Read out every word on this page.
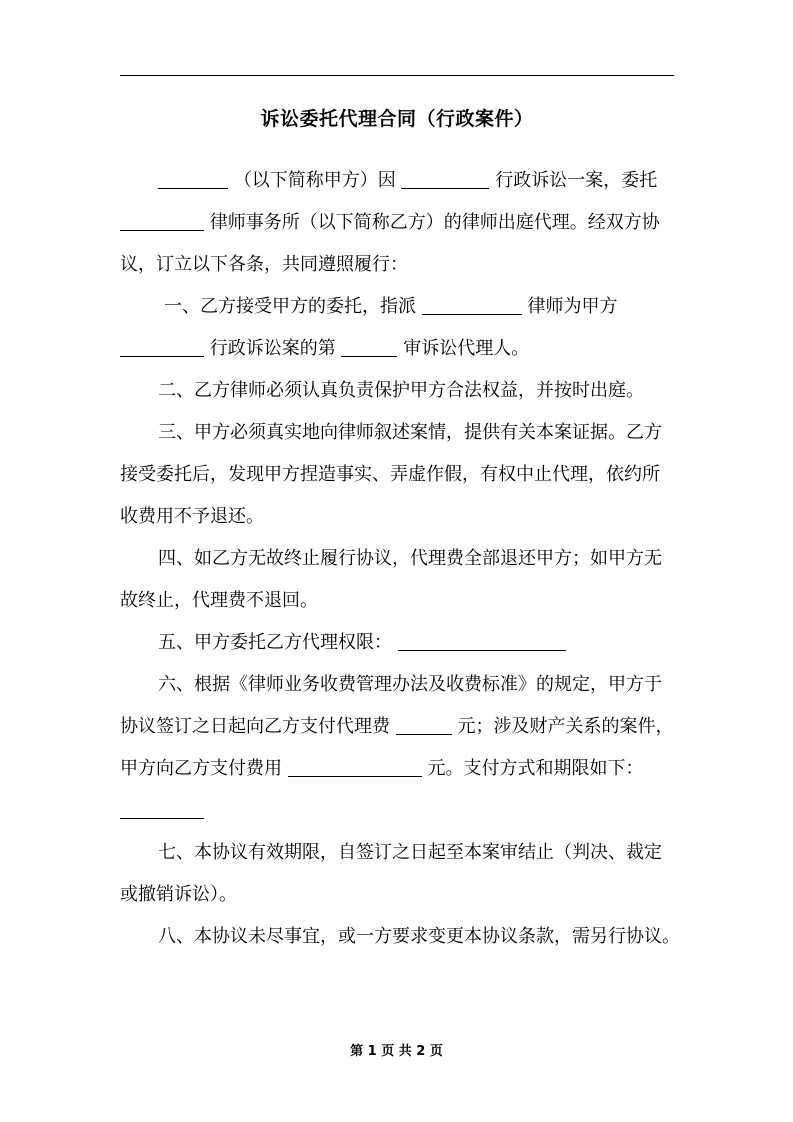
诉讼委托代理合同（行政案件）
（以下简称甲方）因	行政诉讼一案，委托
律师事务所（以下简称乙方）的律师出庭代理。经双方协
议，订立以下各条，共同遵照履行：
一、乙方接受甲方的委托，指派	律师为甲方
行政诉讼案的第	审诉讼代理人。
二、乙方律师必须认真负责保护甲方合法权益，并按时出庭。
三、甲方必须真实地向律师叙述案情，提供有关本案证据。乙方
接受委托后，发现甲方捏造事实、弄虚作假，有权中止代理，依约所
收费用不予退还。
四、如乙方无故终止履行协议，代理费全部退还甲方；如甲方无
故终止，代理费不退回。
五、甲方委托乙方代理权限：
六、根据《律师业务收费管理办法及收费标准》的规定，甲方于
协议签订之日起向乙方支付代理费	元；涉及财产关系的案件，
甲方向乙方支付费用	元。支付方式和期限如下：
七、本协议有效期限，自签订之日起至本案审结止（判决、裁定
或撤销诉讼）。
八、本协议未尽事宜，或一方要求变更本协议条款，需另行协议。
第 1 页 共 2 页
